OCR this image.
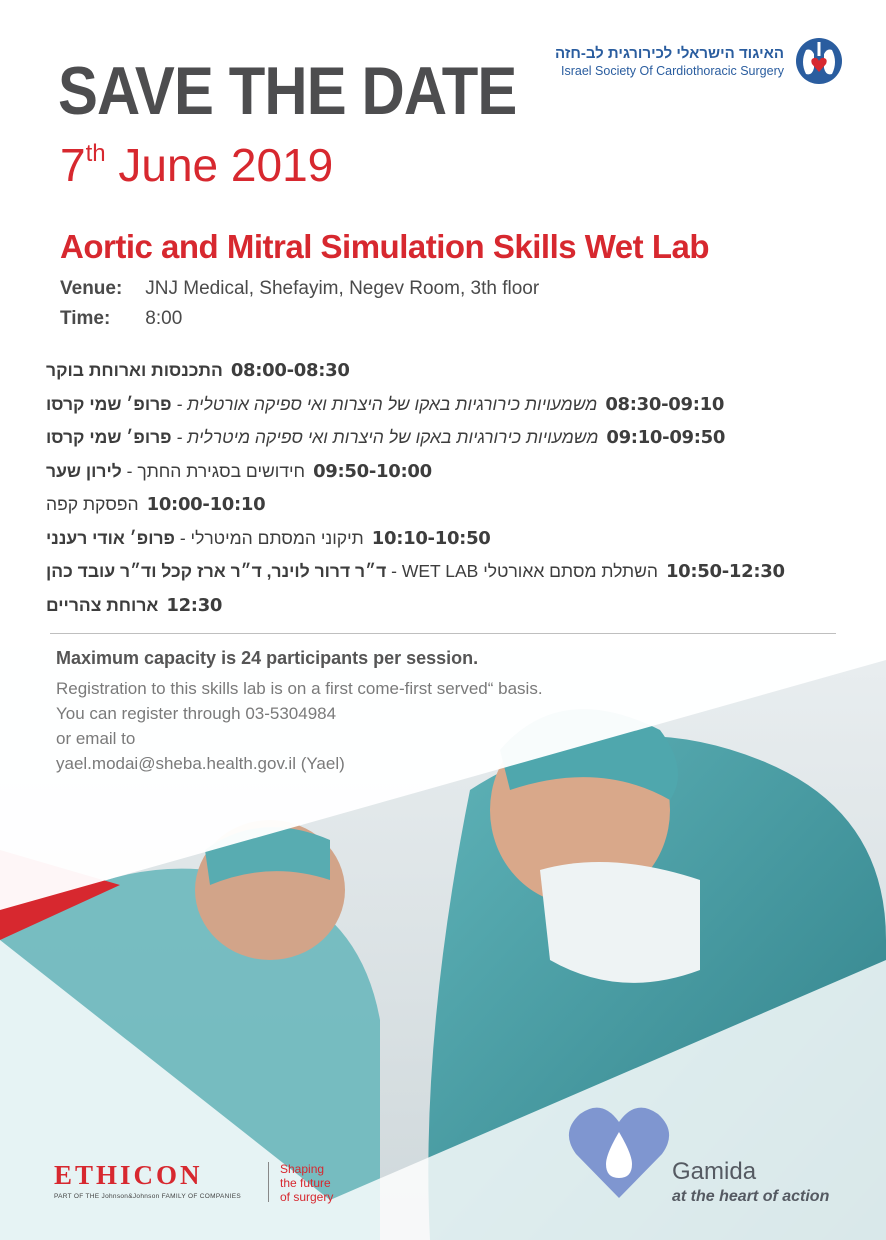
SAVE THE DATE
7th June 2019
האיגוד הישראלי לכירורגית לב-חזה
Israel Society Of Cardiothoracic Surgery
Aortic and Mitral Simulation Skills Wet Lab
Venue: JNJ Medical, Shefayim, Negev Room, 3th floor
Time: 8:00
08:00-08:30
התכנסות וארוחת בוקר
08:30-09:10
משמעויות כירורגיות באקו של היצרות ואי ספיקה אורטלית - פרופ׳ שמי קרסו
09:10-09:50
משמעויות כירורגיות באקו של היצרות ואי ספיקה מיטרלית - פרופ׳ שמי קרסו
09:50-10:00
חידושים בסגירת החתך - לירון שער
10:00-10:10
הפסקת קפה
10:10-10:50
תיקוני המסתם המיטרלי - פרופ׳ אודי רענני
10:50-12:30
השתלת מסתם אאורטלי WET LAB - ד״ר דרור לוינר, ד״ר ארז קכל וד״ר עובד כהן
12:30
ארוחת צהריים
Maximum capacity is 24 participants per session.
Registration to this skills lab is on a first come-first served“ basis.
You can register through 03-5304984
or email to
yael.modai@sheba.health.gov.il (Yael)
ETHICON
PART OF THE Johnson&Johnson FAMILY OF COMPANIES
Shaping
the future
of surgery
Gamida
at the heart of action
